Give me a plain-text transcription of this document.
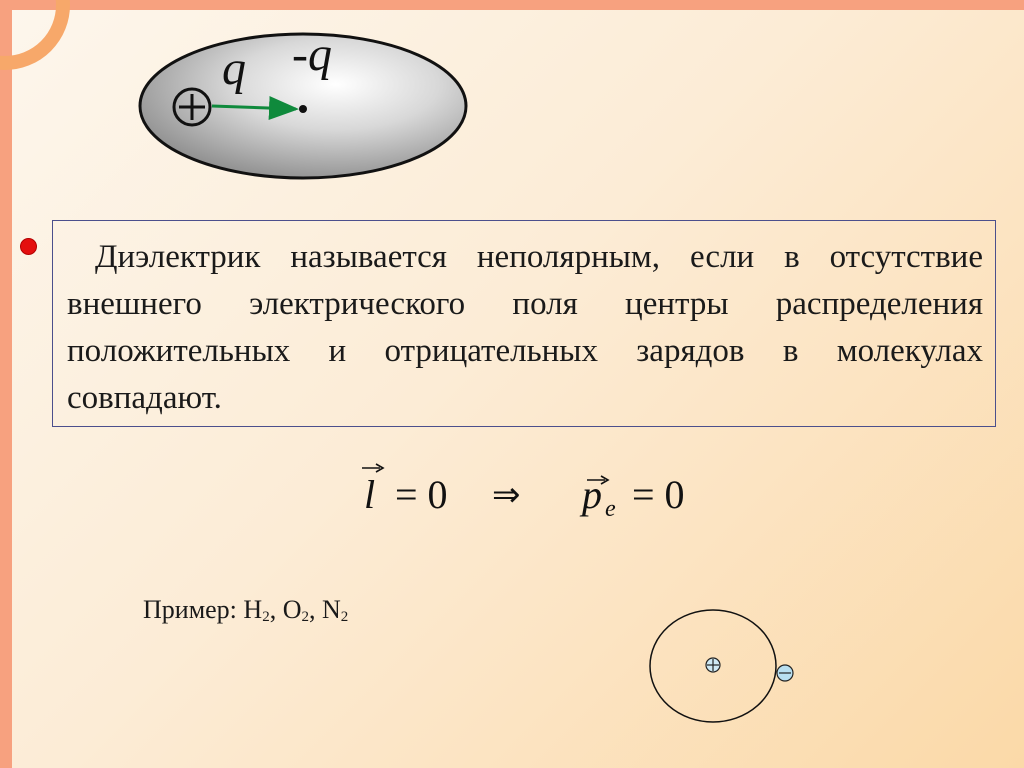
q -q

Диэлектрик называется неполярным, если в отсутствие внешнего электрического поля центры распределения положительных и отрицательных зарядов в молекулах совпадают.

l = 0 ⇒ p e = 0
Пример: $H_2$, $O_2$, $N_2$
